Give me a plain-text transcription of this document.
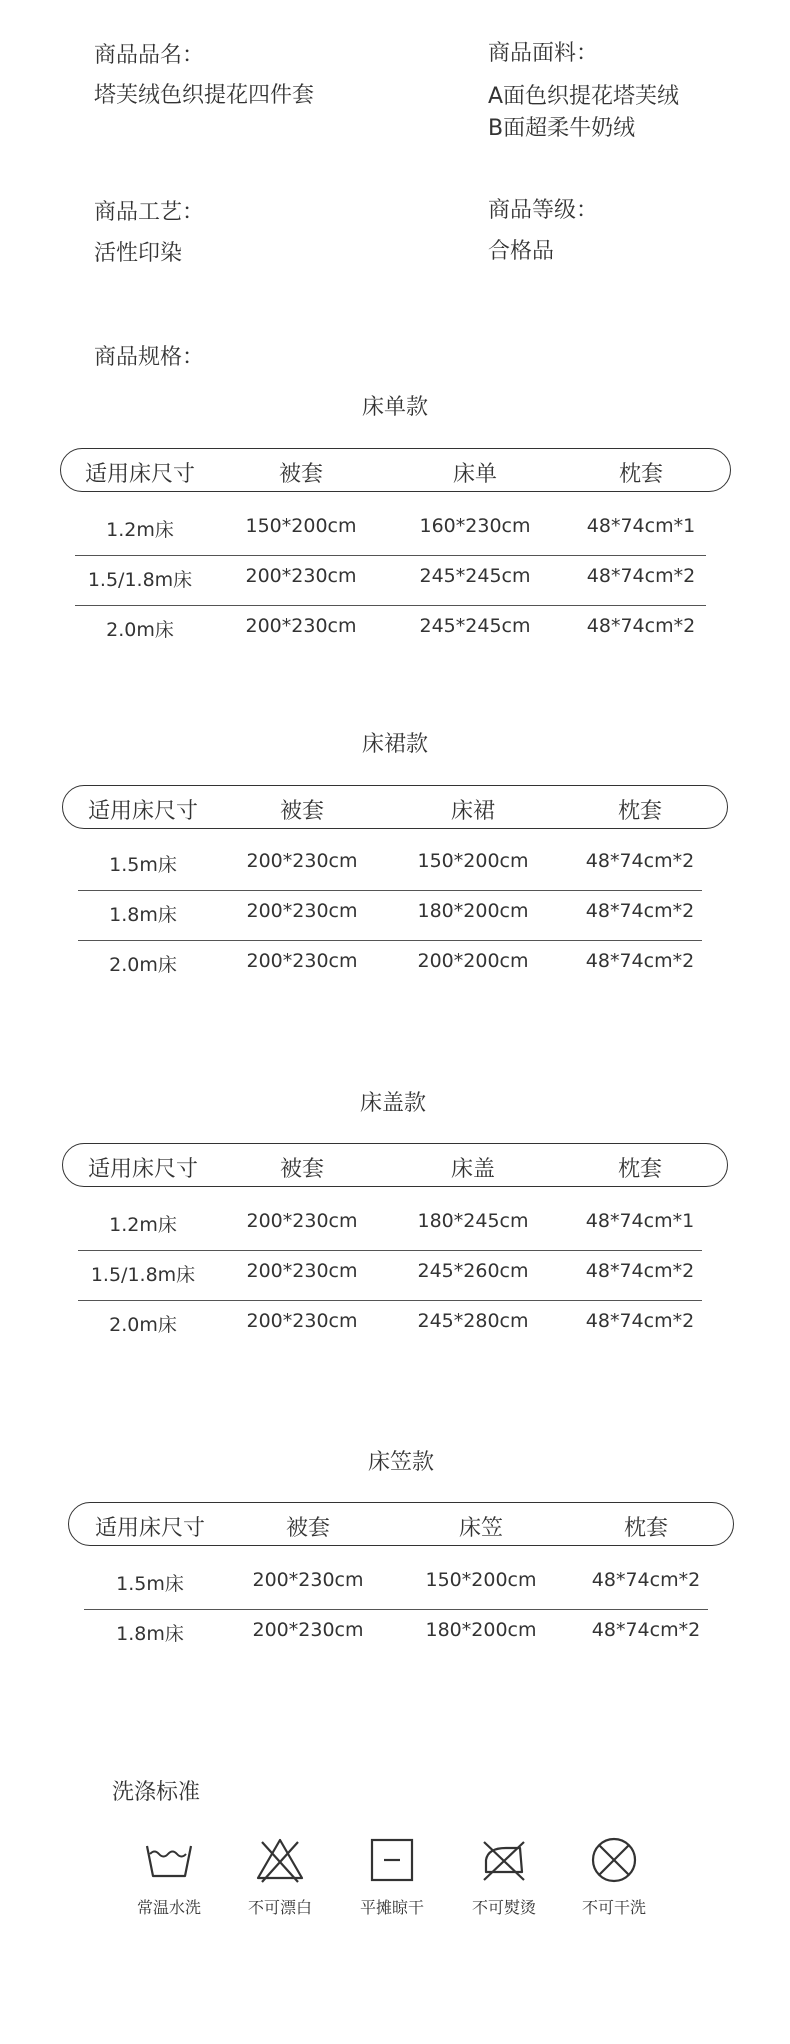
商品品名：
塔芙绒色织提花四件套
商品面料：
A面色织提花塔芙绒
B面超柔牛奶绒
商品工艺：
活性印染
商品等级：
合格品
商品规格：
床单款
适用床尺寸	被套	床单	枕套
1.2m床	150*200cm	160*230cm	48*74cm*1
1.5/1.8m床	200*230cm	245*245cm	48*74cm*2
2.0m床	200*230cm	245*245cm	48*74cm*2
床裙款
适用床尺寸	被套	床裙	枕套
1.5m床	200*230cm	150*200cm	48*74cm*2
1.8m床	200*230cm	180*200cm	48*74cm*2
2.0m床	200*230cm	200*200cm	48*74cm*2
床盖款
适用床尺寸	被套	床盖	枕套
1.2m床	200*230cm	180*245cm	48*74cm*1
1.5/1.8m床	200*230cm	245*260cm	48*74cm*2
2.0m床	200*230cm	245*280cm	48*74cm*2
床笠款
适用床尺寸	被套	床笠	枕套
1.5m床	200*230cm	150*200cm	48*74cm*2
1.8m床	200*230cm	180*200cm	48*74cm*2
洗涤标准
常温水洗	不可漂白	平摊晾干	不可熨烫	不可干洗
